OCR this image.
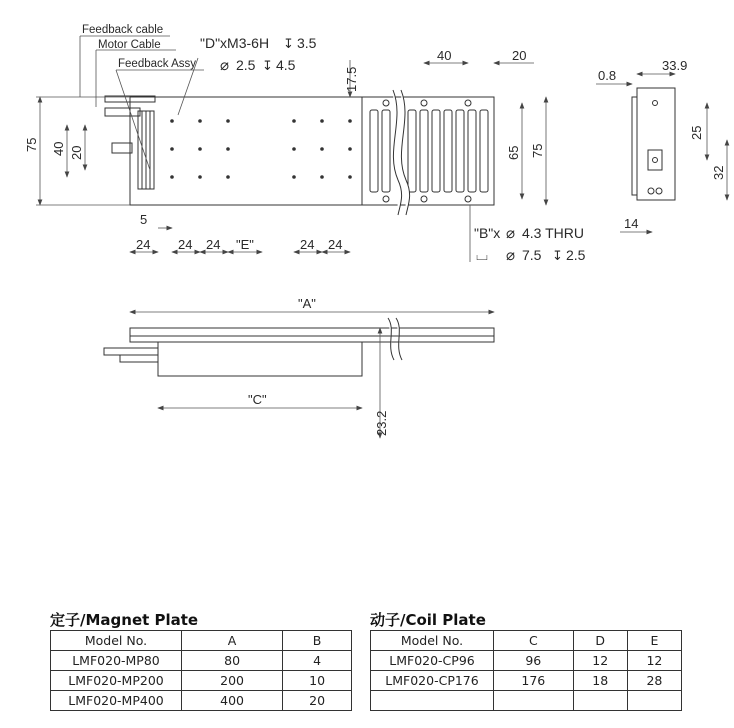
Feedback cable
Motor Cable
Feedback Assy
"D"xM3-6H 3.5
↧
⌀ 2.5 ↧ 4.5
75 40 20
5
24 24 24 "E"	24 24
17.5
40	20
65 75
"B"x ⌀ 4.3 THRU
⌴ ⌀ 7.5 ↧ 2.5
0.8
33.9
25
32
14
"A"
"C"
23.2
定子/Magnet Plate
Model No.	A	B
LMF020-MP80	80	4
LMF020-MP200	200	10
LMF020-MP400	400	20
动子/Coil Plate
Model No.	C	D	E
LMF020-CP96	96	12	12
LMF020-CP176	176	18	28
